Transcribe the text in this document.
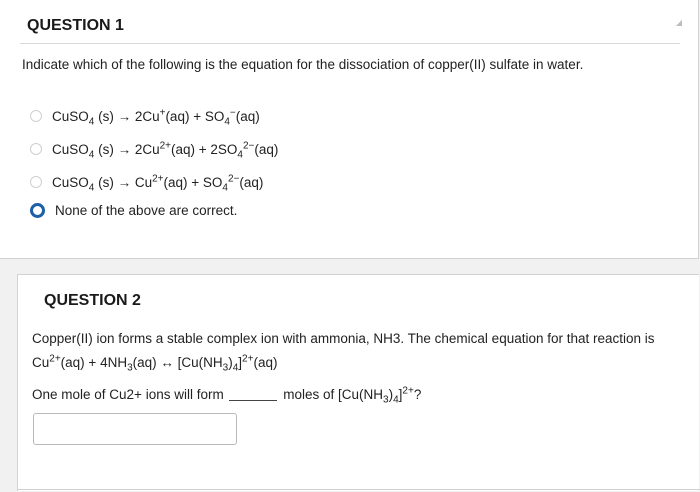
QUESTION 1	◢
Indicate which of the following is the equation for the dissociation of copper(II) sulfate in water.
CuSO$_4$ $(s) \to 2Cu^+(aq) + SO_4^-(aq)$
CuSO$_4$ $(s) \to 2Cu^{2+}(aq) + 2SO_4^{2-}(aq)$
CuSO$_4$ $(s) \to Cu^{2+}(aq) + SO_4^{2-}(aq)$
None of the above are correct.
QUESTION 2
Copper(II) ion forms a stable complex ion with ammonia, NH3. The chemical equation for that reaction is
$Cu^{2+}(aq) + 4NH_3(aq)$ ↔ $[Cu(NH_3)_4]^{2+}(aq)$
One mole of Cu2+ ions will form	moles of $[Cu(NH_3)_4]^{2+}$?
